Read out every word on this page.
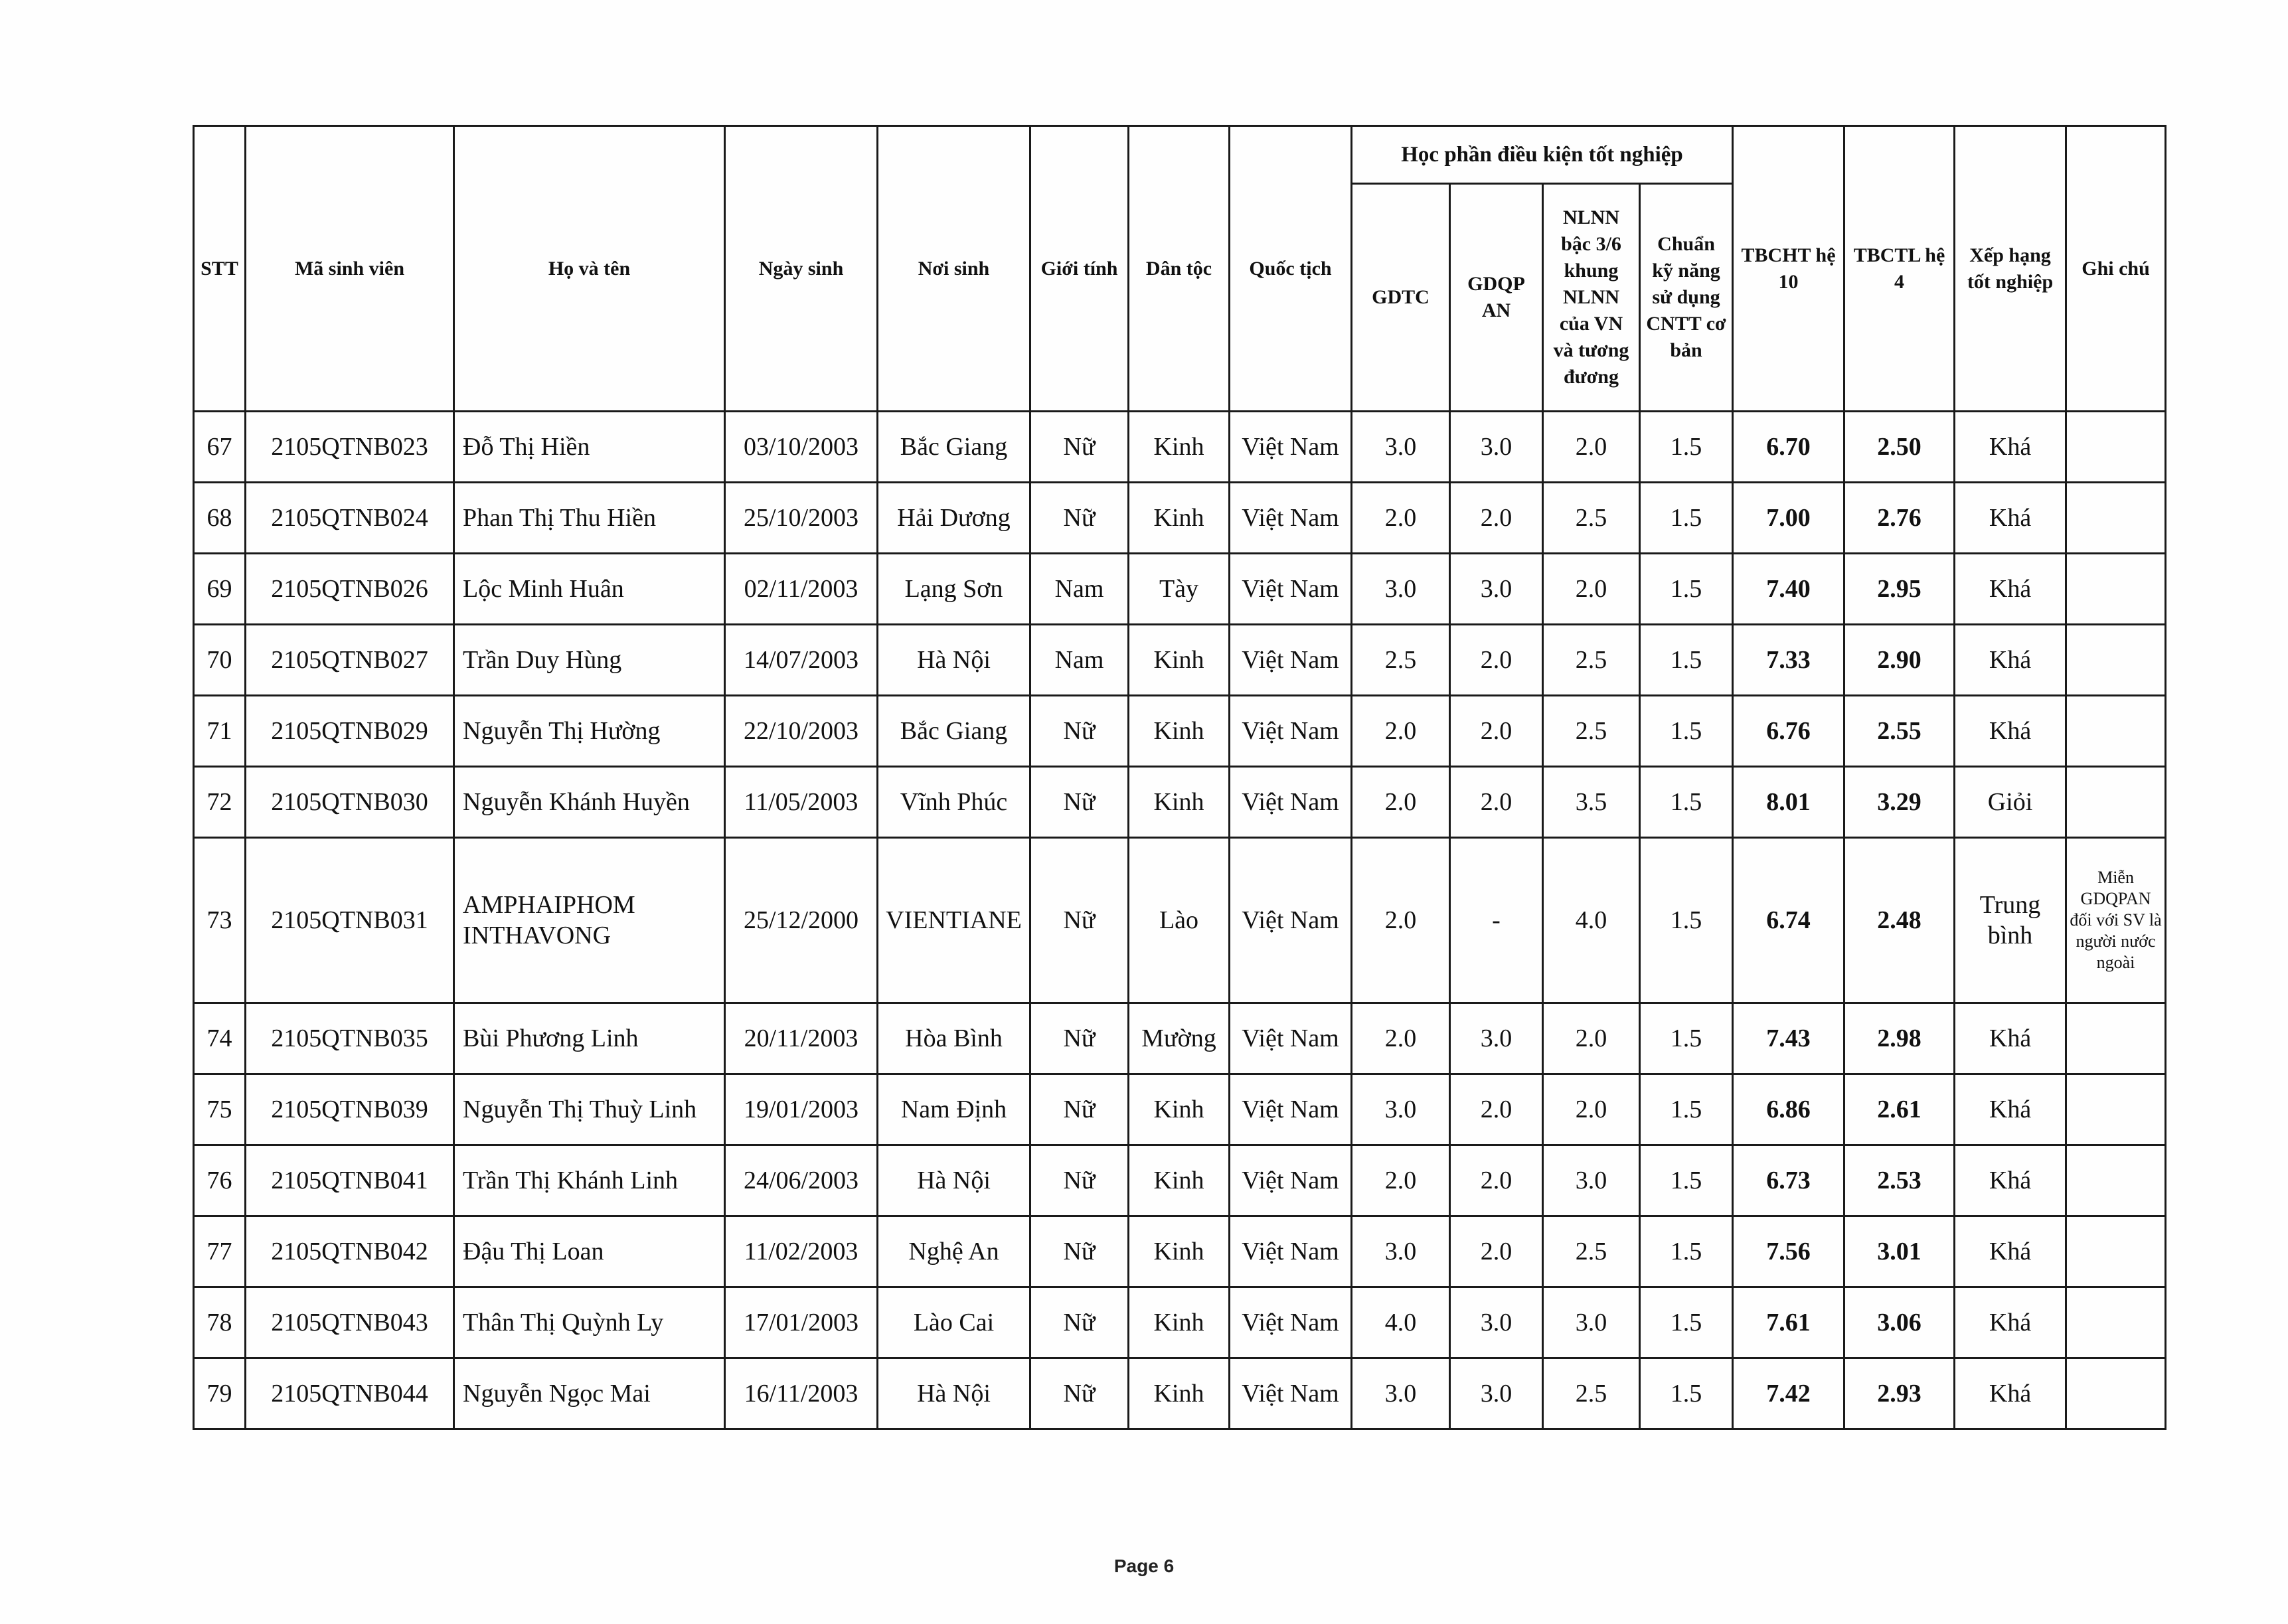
STT	Mã sinh viên	Họ và tên	Ngày sinh	Nơi sinh	Giới tính	Dân tộc	Quốc tịch	Học phần điều kiện tốt nghiệp				TBCHT hệ 10	TBCTL hệ 4	Xếp hạng tốt nghiệp	Ghi chú
								GDTC	GDQP AN	NLNN bậc 3/6 khung NLNN của VN và tương đương	Chuẩn kỹ năng sử dụng CNTT cơ bản				
67	2105QTNB023	Đỗ Thị Hiền	03/10/2003	Bắc Giang	Nữ	Kinh	Việt Nam	3.0	3.0	2.0	1.5	6.70	2.50	Khá	
68	2105QTNB024	Phan Thị Thu Hiền	25/10/2003	Hải Dương	Nữ	Kinh	Việt Nam	2.0	2.0	2.5	1.5	7.00	2.76	Khá	
69	2105QTNB026	Lộc Minh Huân	02/11/2003	Lạng Sơn	Nam	Tày	Việt Nam	3.0	3.0	2.0	1.5	7.40	2.95	Khá	
70	2105QTNB027	Trần Duy Hùng	14/07/2003	Hà Nội	Nam	Kinh	Việt Nam	2.5	2.0	2.5	1.5	7.33	2.90	Khá	
71	2105QTNB029	Nguyễn Thị Hường	22/10/2003	Bắc Giang	Nữ	Kinh	Việt Nam	2.0	2.0	2.5	1.5	6.76	2.55	Khá	
72	2105QTNB030	Nguyễn Khánh Huyền	11/05/2003	Vĩnh Phúc	Nữ	Kinh	Việt Nam	2.0	2.0	3.5	1.5	8.01	3.29	Giỏi	
73	2105QTNB031	AMPHAIPHOM INTHAVONG	25/12/2000	VIENTIANE	Nữ	Lào	Việt Nam	2.0	-	4.0	1.5	6.74	2.48	Trung bình	Miễn GDQPAN đối với SV là người nước ngoài
74	2105QTNB035	Bùi Phương Linh	20/11/2003	Hòa Bình	Nữ	Mường	Việt Nam	2.0	3.0	2.0	1.5	7.43	2.98	Khá	
75	2105QTNB039	Nguyễn Thị Thuỳ Linh	19/01/2003	Nam Định	Nữ	Kinh	Việt Nam	3.0	2.0	2.0	1.5	6.86	2.61	Khá	
76	2105QTNB041	Trần Thị Khánh Linh	24/06/2003	Hà Nội	Nữ	Kinh	Việt Nam	2.0	2.0	3.0	1.5	6.73	2.53	Khá	
77	2105QTNB042	Đậu Thị Loan	11/02/2003	Nghệ An	Nữ	Kinh	Việt Nam	3.0	2.0	2.5	1.5	7.56	3.01	Khá	
78	2105QTNB043	Thân Thị Quỳnh Ly	17/01/2003	Lào Cai	Nữ	Kinh	Việt Nam	4.0	3.0	3.0	1.5	7.61	3.06	Khá	
79	2105QTNB044	Nguyễn Ngọc Mai	16/11/2003	Hà Nội	Nữ	Kinh	Việt Nam	3.0	3.0	2.5	1.5	7.42	2.93	Khá	
Page 6
